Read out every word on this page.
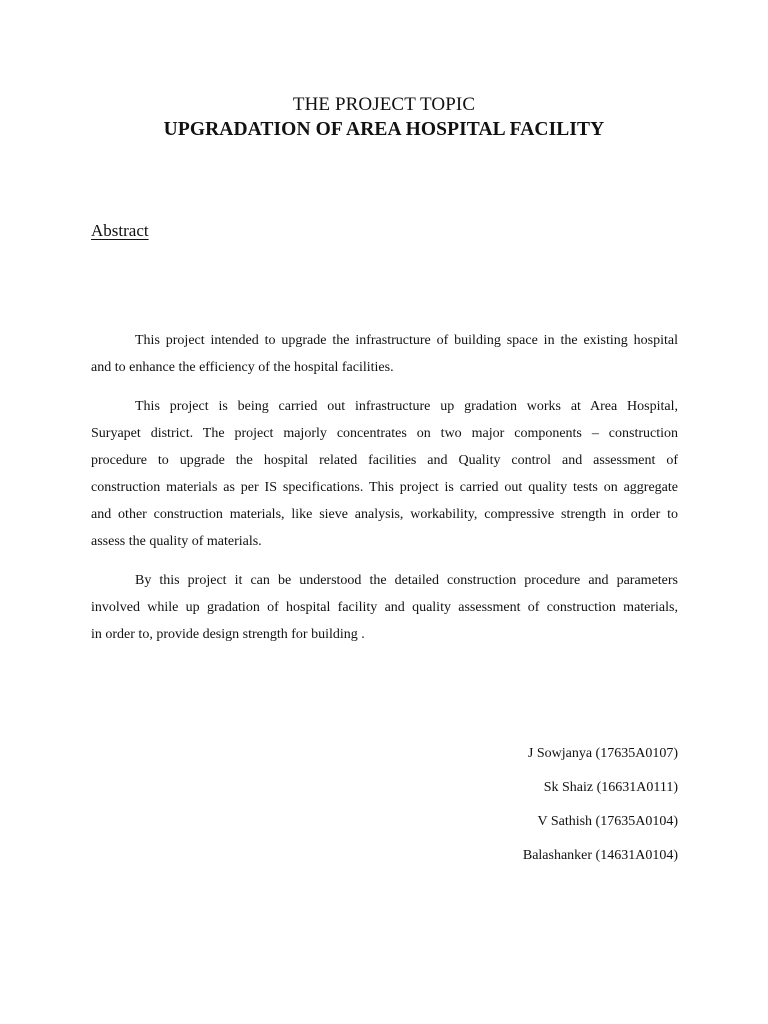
THE PROJECT TOPIC
UPGRADATION OF AREA HOSPITAL FACILITY
Abstract
This project intended to upgrade the infrastructure of building space in the existing hospital
and to enhance the efficiency of the hospital facilities.
This project is being carried out infrastructure up gradation works at Area Hospital,
Suryapet district. The project majorly concentrates on two major components – construction
procedure to upgrade the hospital related facilities and Quality control and assessment of
construction materials as per IS specifications. This project is carried out quality tests on aggregate
and other construction materials, like sieve analysis, workability, compressive strength in order to
assess the quality of materials.
By this project it can be understood the detailed construction procedure and parameters
involved while up gradation of hospital facility and quality assessment of construction materials,
in order to, provide design strength for building .
J Sowjanya (17635A0107)
Sk Shaiz (16631A0111)
V Sathish (17635A0104)
Balashanker (14631A0104)
